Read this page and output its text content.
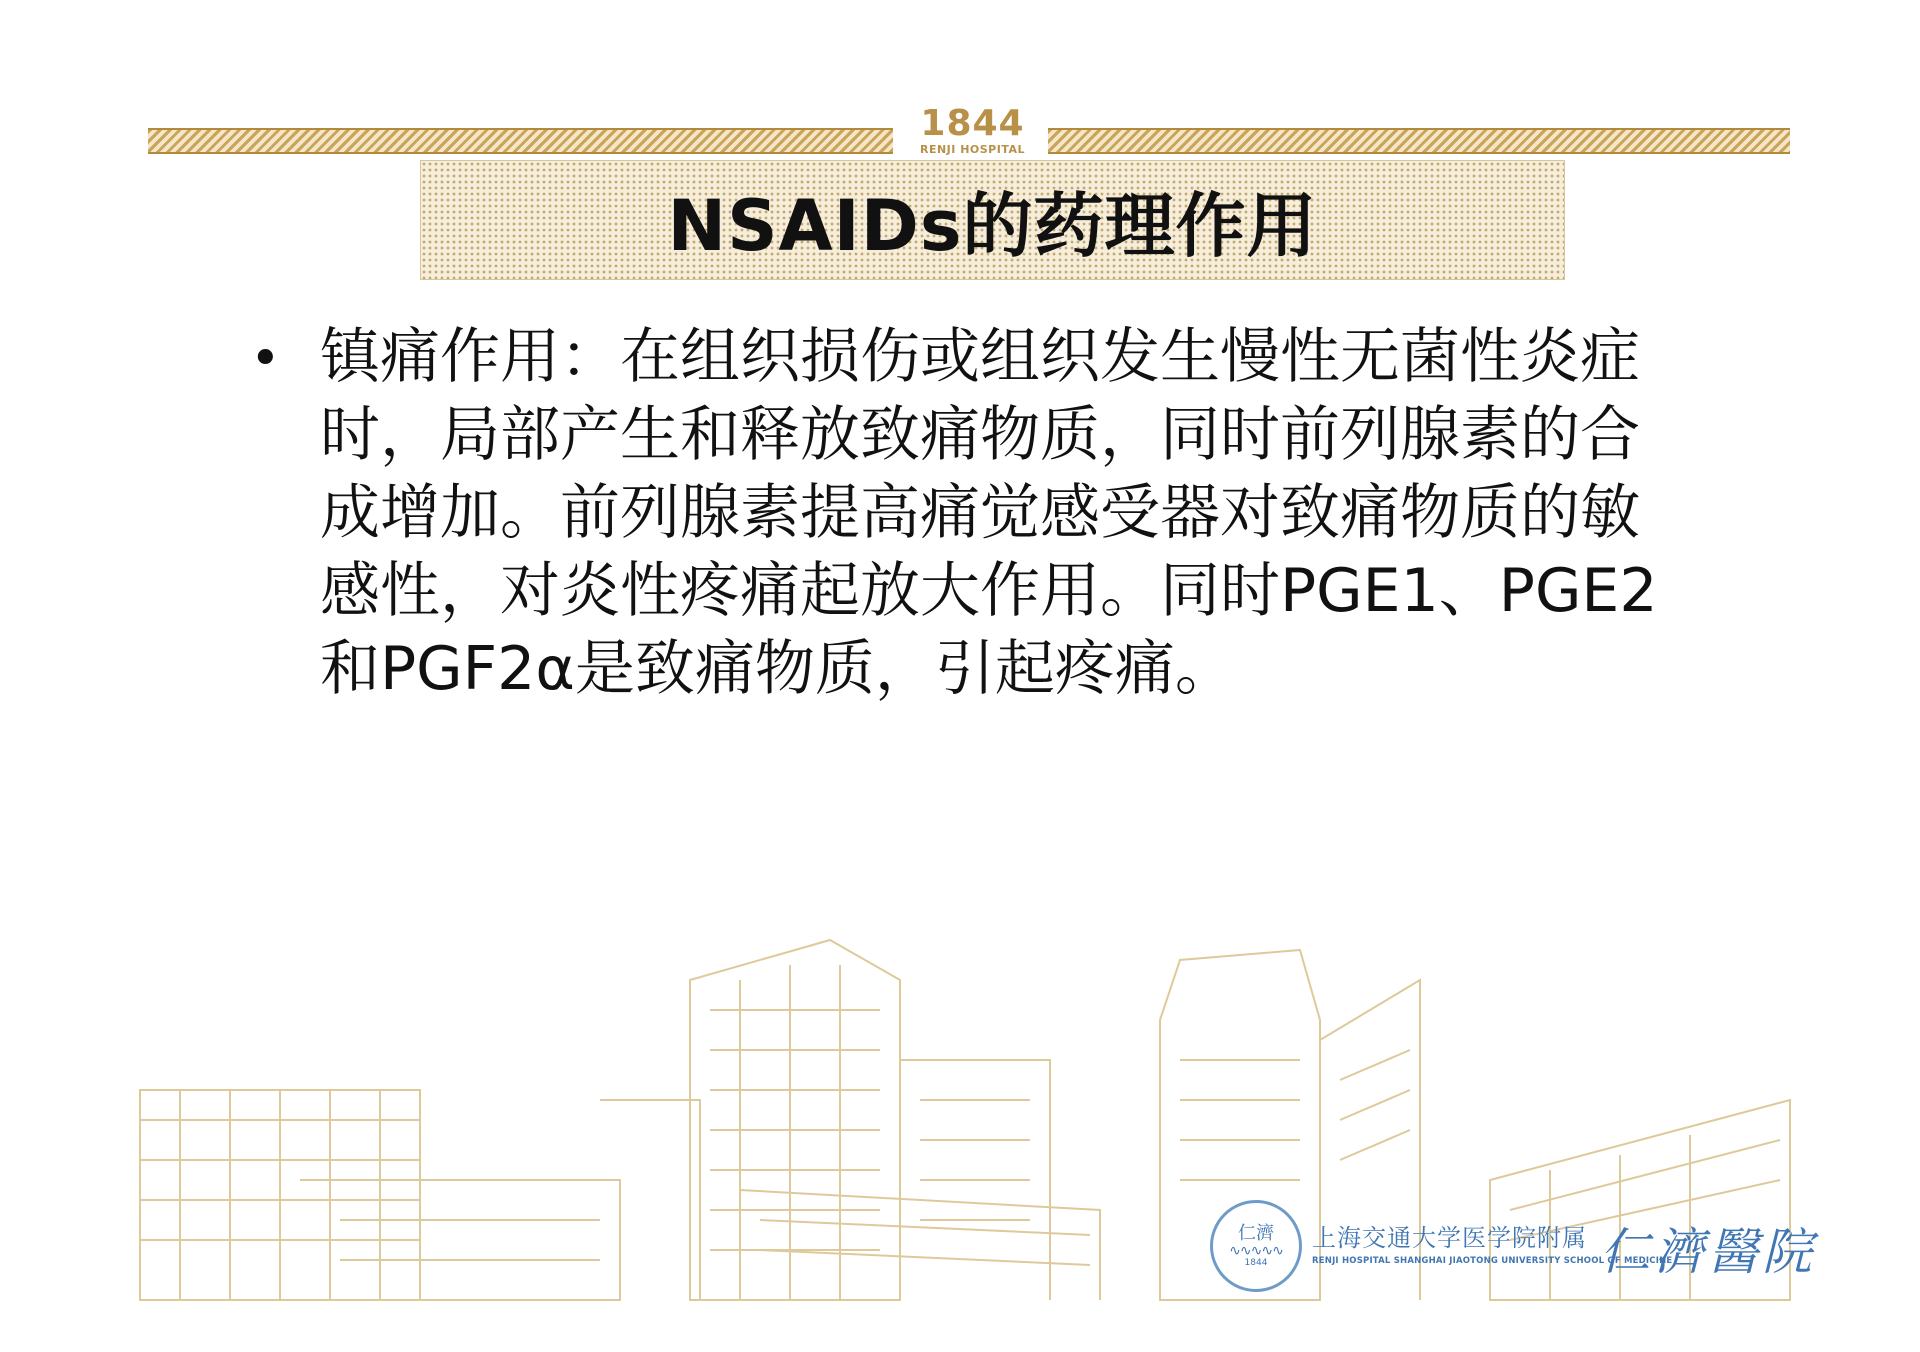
1844
RENJI HOSPITAL
NSAIDs的药理作用
• 镇痛作用：在组织损伤或组织发生慢性无菌性炎症时，局部产生和释放致痛物质，同时前列腺素的合成增加。前列腺素提高痛觉感受器对致痛物质的敏感性，对炎性疼痛起放大作用。同时PGE1、PGE2和PGF2α是致痛物质，引起疼痛。
仁濟
∿∿∿∿∿
1844
上海交通大学医学院附属
RENJI HOSPITAL SHANGHAI JIAOTONG UNIVERSITY SCHOOL OF MEDICINE
仁濟醫院
